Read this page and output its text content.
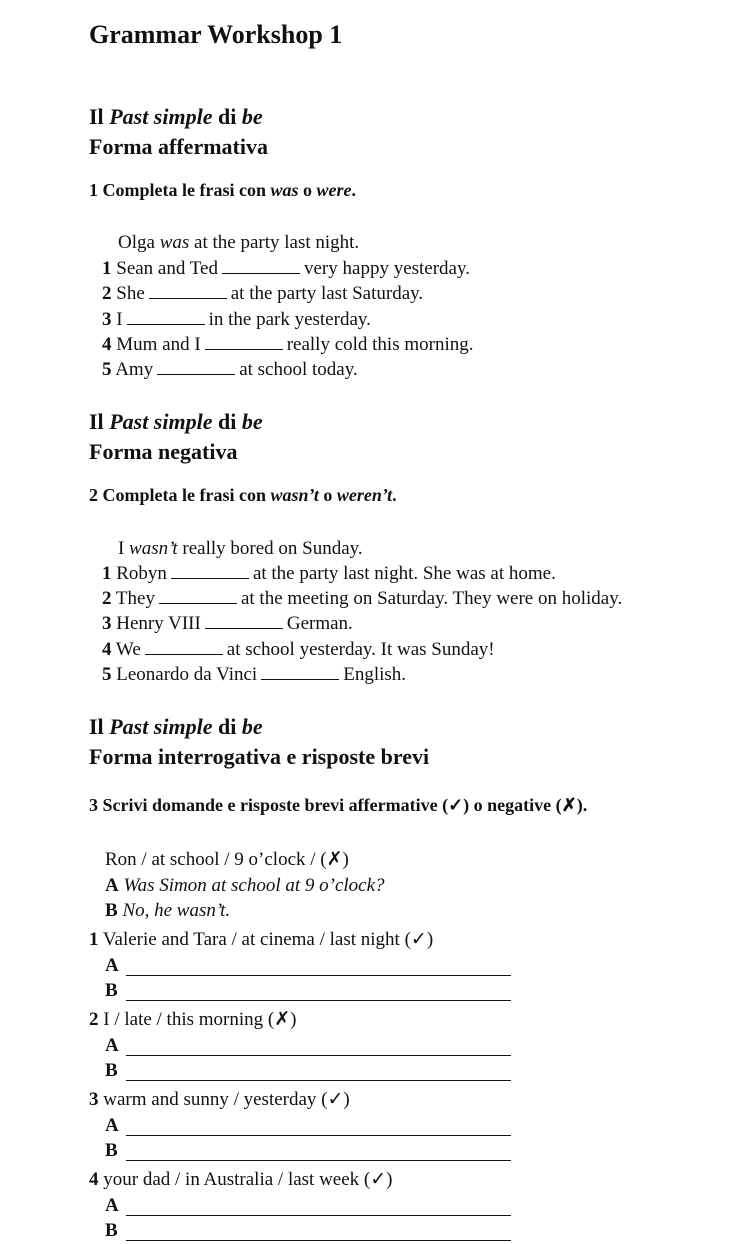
Grammar Workshop 1
Il Past simple di be
Forma affermativa
1 Completa le frasi con was o were.
Olga was at the party last night.
1 Sean and Ted	very happy yesterday.
2 She	at the party last Saturday.
3 I	in the park yesterday.
4 Mum and I	really cold this morning.
5 Amy	at school today.
Il Past simple di be
Forma negativa
2 Completa le frasi con wasn’t o weren’t.
I wasn’t really bored on Sunday.
1 Robyn	at the party last night. She was at home.
2 They	at the meeting on Saturday. They were on holiday.
3 Henry VIII	German.
4 We	at school yesterday. It was Sunday!
5 Leonardo da Vinci	English.
Il Past simple di be
Forma interrogativa e risposte brevi
3 Scrivi domande e risposte brevi affermative (✓) o negative (✗).
Ron / at school / 9 o’clock / (✗)
A Was Simon at school at 9 o’clock?
B No, he wasn’t.
1 Valerie and Tara / at cinema / last night (✓)
A
B
2 I / late / this morning (✗)
A
B
3 warm and sunny / yesterday (✓)
A
B
4 your dad / in Australia / last week (✓)
A
B
